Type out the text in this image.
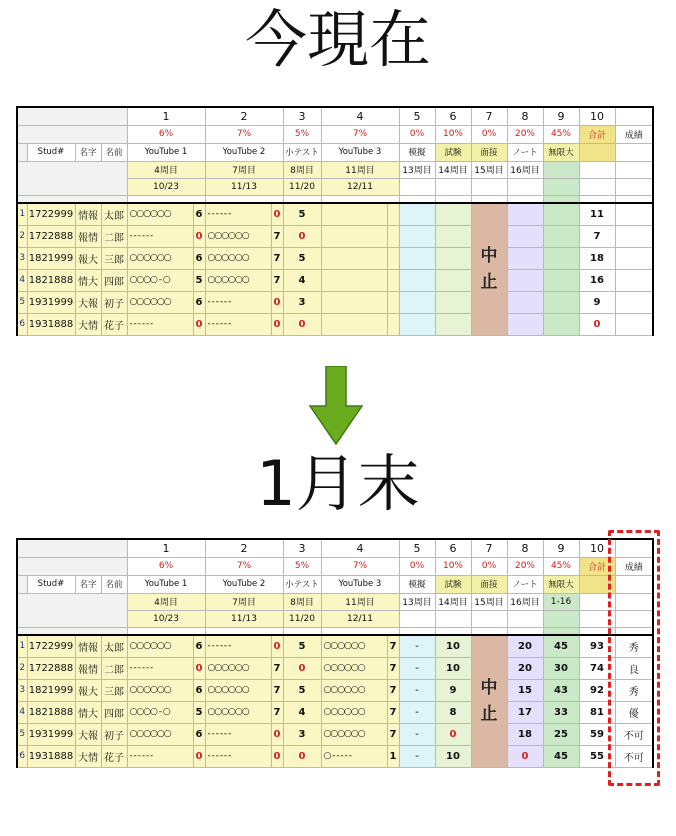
今現在
1月末
				1		2		3	4		5	6	7	8	9	10	
				6%		7%		5%	7%		0%	10%	0%	20%	45%	合計	成績
	Stud#	名字	名前	YouTube 1		YouTube 2		小テスト	YouTube 3		模擬	試験	面接	ノート	無限大		
				4周目		7周目		8周目	11周目		13周目	14周目	15周目	16周目			
				10/23		11/13		11/20	12/11								

1	1722999	情報	太郎	○○○○○○	6	- - - - - -	0	5					中
止			11	
2	1722888	報情	二郎	- - - - - -	0	○○○○○○	7	0								7	
3	1821999	報大	三郎	○○○○○○	6	○○○○○○	7	5								18	
4	1821888	情大	四郎	○○○○ - ○	5	○○○○○○	7	4								16	
5	1931999	大報	初子	○○○○○○	6	- - - - - -	0	3								9	
6	1931888	大情	花子	- - - - - -	0	- - - - - -	0	0								0	
				1		2		3	4		5	6	7	8	9	10	
				6%		7%		5%	7%		0%	10%	0%	20%	45%	合計	成績
	Stud#	名字	名前	YouTube 1		YouTube 2		小テスト	YouTube 3		模擬	試験	面接	ノート	無限大		
				4周目		7周目		8周目	11周目		13周目	14周目	15周目	16周目	1-16		
				10/23		11/13		11/20	12/11								

1	1722999	情報	太郎	○○○○○○	6	- - - - - -	0	5	○○○○○○	7	-	10	中
止	20	45	93	秀
2	1722888	報情	二郎	- - - - - -	0	○○○○○○	7	0	○○○○○○	7	-	10		20	30	74	良
3	1821999	報大	三郎	○○○○○○	6	○○○○○○	7	5	○○○○○○	7	-	9		15	43	92	秀
4	1821888	情大	四郎	○○○○ - ○	5	○○○○○○	7	4	○○○○○○	7	-	8		17	33	81	優
5	1931999	大報	初子	○○○○○○	6	- - - - - -	0	3	○○○○○○	7	-	0		18	25	59	不可
6	1931888	大情	花子	- - - - - -	0	- - - - - -	0	0	○ - - - - -	1	-	10		0	45	55	不可
